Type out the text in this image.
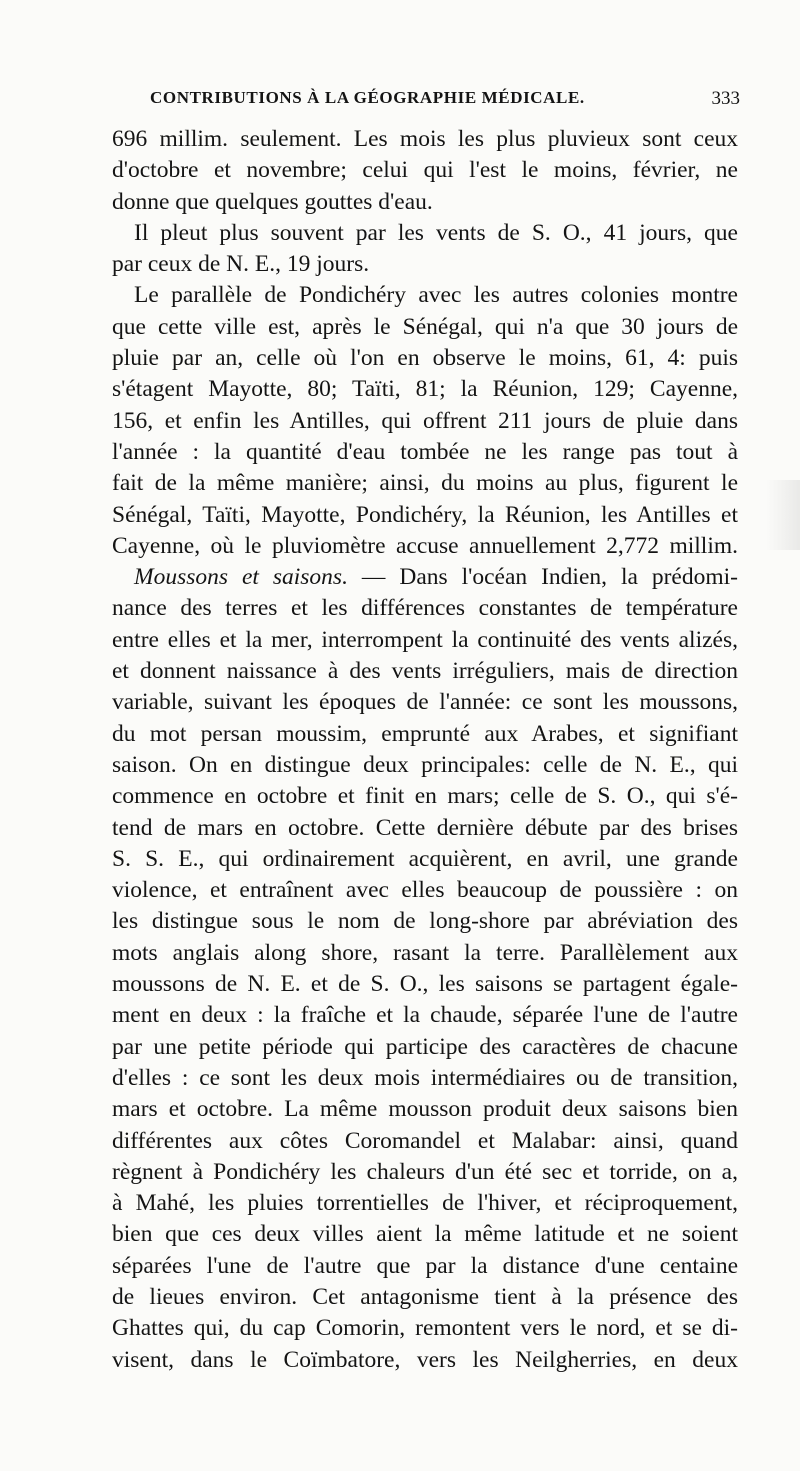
CONTRIBUTIONS À LA GÉOGRAPHIE MÉDICALE.	333
696 millim. seulement. Les mois les plus pluvieux sont ceux
d'octobre et novembre; celui qui l'est le moins, février, ne
donne que quelques gouttes d'eau.
Il pleut plus souvent par les vents de S. O., 41 jours, que
par ceux de N. E., 19 jours.
Le parallèle de Pondichéry avec les autres colonies montre
que cette ville est, après le Sénégal, qui n'a que 30 jours de
pluie par an, celle où l'on en observe le moins, 61, 4: puis
s'étagent Mayotte, 80; Taïti, 81; la Réunion, 129; Cayenne,
156, et enfin les Antilles, qui offrent 211 jours de pluie dans
l'année : la quantité d'eau tombée ne les range pas tout à
fait de la même manière; ainsi, du moins au plus, figurent le
Sénégal, Taïti, Mayotte, Pondichéry, la Réunion, les Antilles et
Cayenne, où le pluviomètre accuse annuellement 2,772 millim.
Moussons et saisons. — Dans l'océan Indien, la prédomi-
nance des terres et les différences constantes de température
entre elles et la mer, interrompent la continuité des vents alizés,
et donnent naissance à des vents irréguliers, mais de direction
variable, suivant les époques de l'année: ce sont les moussons,
du mot persan moussim, emprunté aux Arabes, et signifiant
saison. On en distingue deux principales: celle de N. E., qui
commence en octobre et finit en mars; celle de S. O., qui s'é-
tend de mars en octobre. Cette dernière débute par des brises
S. S. E., qui ordinairement acquièrent, en avril, une grande
violence, et entraînent avec elles beaucoup de poussière : on
les distingue sous le nom de long-shore par abréviation des
mots anglais along shore, rasant la terre. Parallèlement aux
moussons de N. E. et de S. O., les saisons se partagent égale-
ment en deux : la fraîche et la chaude, séparée l'une de l'autre
par une petite période qui participe des caractères de chacune
d'elles : ce sont les deux mois intermédiaires ou de transition,
mars et octobre. La même mousson produit deux saisons bien
différentes aux côtes Coromandel et Malabar: ainsi, quand
règnent à Pondichéry les chaleurs d'un été sec et torride, on a,
à Mahé, les pluies torrentielles de l'hiver, et réciproquement,
bien que ces deux villes aient la même latitude et ne soient
séparées l'une de l'autre que par la distance d'une centaine
de lieues environ. Cet antagonisme tient à la présence des
Ghattes qui, du cap Comorin, remontent vers le nord, et se di-
visent, dans le Coïmbatore, vers les Neilgherries, en deux
